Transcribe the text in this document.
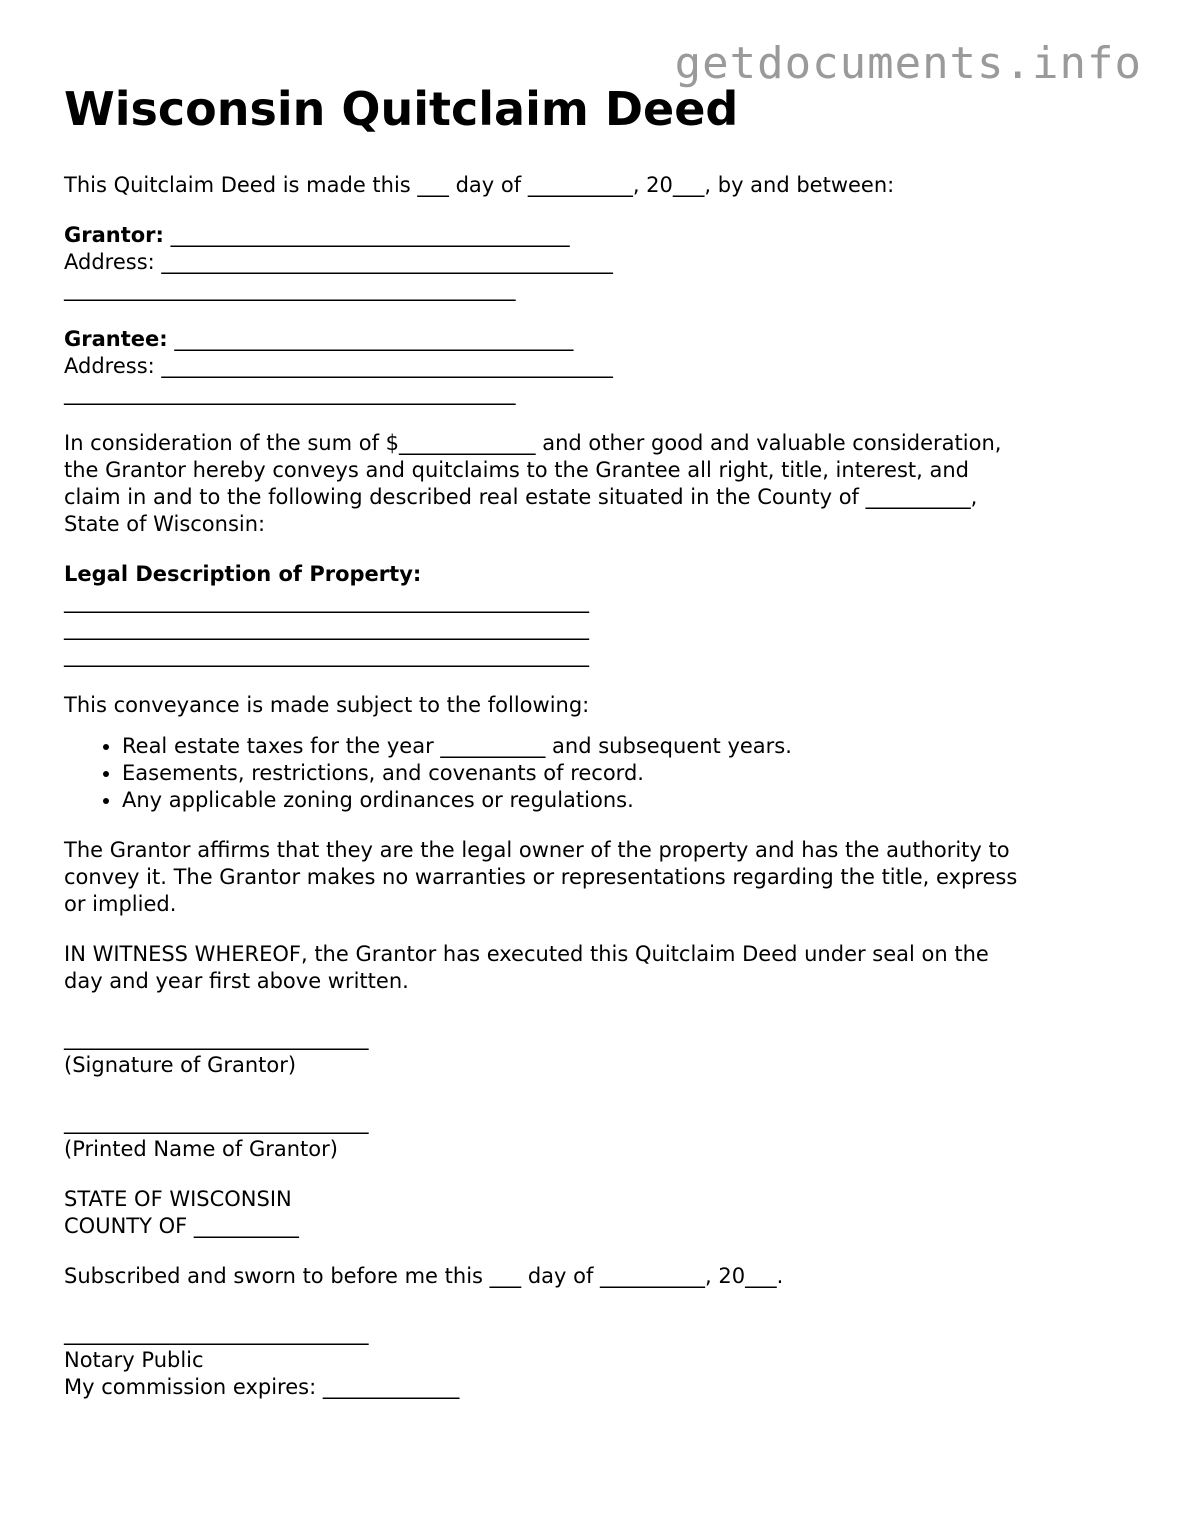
getdocuments.info
Wisconsin Quitclaim Deed

This Quitclaim Deed is made this ___ day of __________, 20___, by and between:

Grantor: ______________________________________

Address: ___________________________________________

___________________________________________

Grantee: ______________________________________

Address: ___________________________________________

___________________________________________

In consideration of the sum of $_____________ and other good and valuable consideration,

the Grantor hereby conveys and quitclaims to the Grantee all right, title, interest, and

claim in and to the following described real estate situated in the County of __________,

State of Wisconsin:

Legal Description of Property:

__________________________________________________

__________________________________________________

__________________________________________________

This conveyance is made subject to the following:

• Real estate taxes for the year __________ and subsequent years.
• Easements, restrictions, and covenants of record.
• Any applicable zoning ordinances or regulations.

The Grantor affirms that they are the legal owner of the property and has the authority to

convey it. The Grantor makes no warranties or representations regarding the title, express

or implied.

IN WITNESS WHEREOF, the Grantor has executed this Quitclaim Deed under seal on the

day and year first above written.

_____________________________

(Signature of Grantor)

_____________________________

(Printed Name of Grantor)

STATE OF WISCONSIN

COUNTY OF __________

Subscribed and sworn to before me this ___ day of __________, 20___.

_____________________________

Notary Public

My commission expires: _____________
